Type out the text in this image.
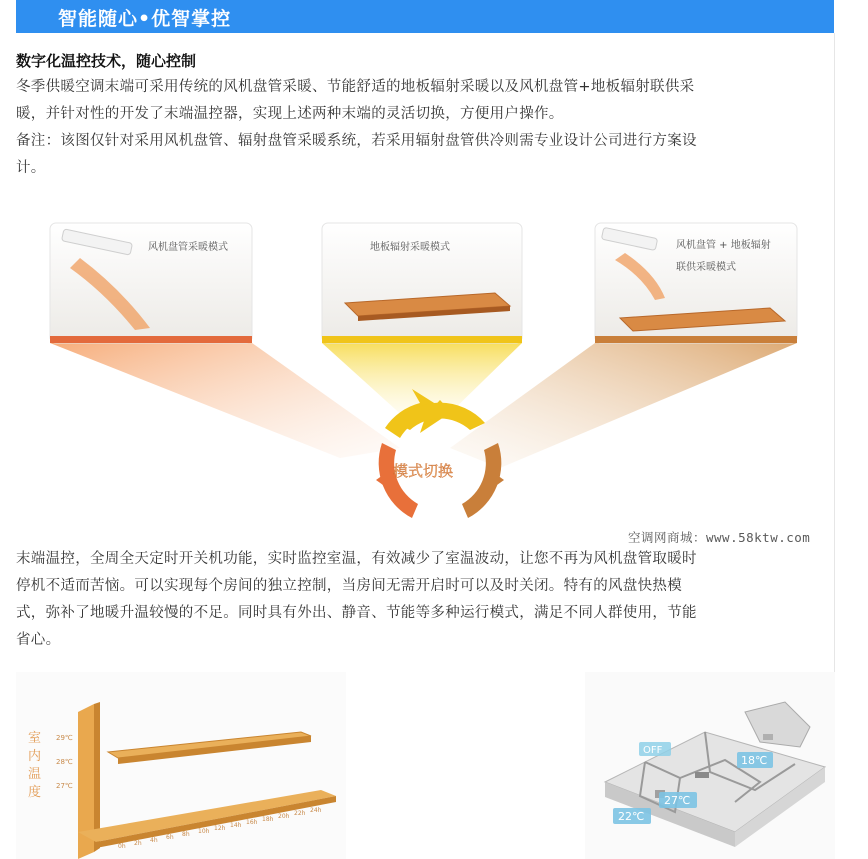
智能随心•优智掌控
数字化温控技术，随心控制
冬季供暖空调末端可采用传统的风机盘管采暖、节能舒适的地板辐射采暖以及风机盘管+地板辐射联供采
暖，并针对性的开发了末端温控器，实现上述两种末端的灵活切换，方便用户操作。
备注：该图仅针对采用风机盘管、辐射盘管采暖系统，若采用辐射盘管供冷则需专业设计公司进行方案设
计。
风机盘管采暖模式	地板辐射采暖模式	风机盘管 + 地板辐射
联供采暖模式
模式切换
空调网商城：www.58ktw.com
末端温控，全周全天定时开关机功能，实时监控室温，有效减少了室温波动，让您不再为风机盘管取暖时
停机不适而苦恼。可以实现每个房间的独立控制，当房间无需开启时可以及时关闭。特有的风盘快热模
式，弥补了地暖升温较慢的不足。同时具有外出、静音、节能等多种运行模式，满足不同人群使用，节能
省心。
室
内
温
度
29℃
28℃
27℃
0h 2h 4h 6h 8h 10h 12h 14h 16h 18h 20h 22h 24h
OFF
18℃
27℃
22℃
